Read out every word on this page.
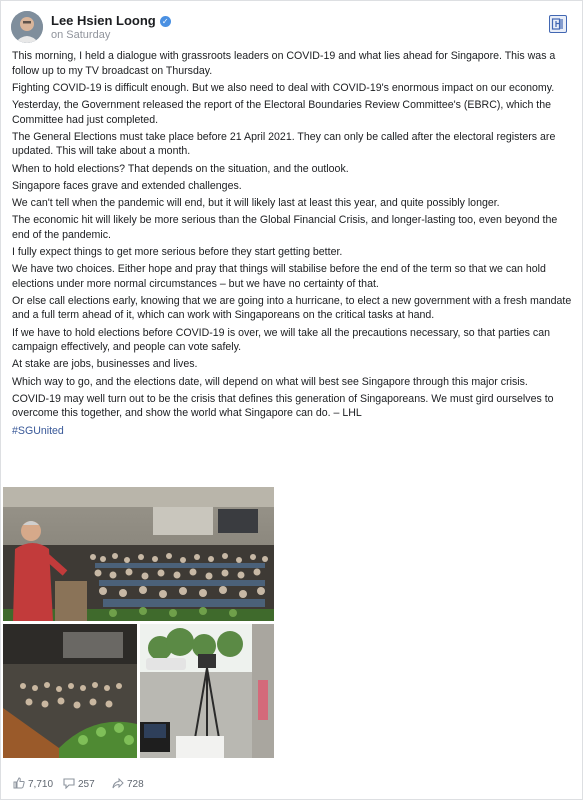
Lee Hsien Loong ✓
on Saturday

This morning, I held a dialogue with grassroots leaders on COVID-19 and what lies ahead for Singapore. This was a follow up to my TV broadcast on Thursday.

Fighting COVID-19 is difficult enough. But we also need to deal with COVID-19's enormous impact on our economy.

Yesterday, the Government released the report of the Electoral Boundaries Review Committee's (EBRC), which the Committee had just completed.

The General Elections must take place before 21 April 2021. They can only be called after the electoral registers are updated. This will take about a month.

When to hold elections? That depends on the situation, and the outlook.

Singapore faces grave and extended challenges.

We can't tell when the pandemic will end, but it will likely last at least this year, and quite possibly longer.

The economic hit will likely be more serious than the Global Financial Crisis, and longer-lasting too, even beyond the end of the pandemic.

I fully expect things to get more serious before they start getting better.

We have two choices. Either hope and pray that things will stabilise before the end of the term so that we can hold elections under more normal circumstances – but we have no certainty of that.

Or else call elections early, knowing that we are going into a hurricane, to elect a new government with a fresh mandate and a full term ahead of it, which can work with Singaporeans on the critical tasks at hand.

If we have to hold elections before COVID-19 is over, we will take all the precautions necessary, so that parties can campaign effectively, and people can vote safely.

At stake are jobs, businesses and lives.

Which way to go, and the elections date, will depend on what will best see Singapore through this major crisis.

COVID-19 may well turn out to be the crisis that defines this generation of Singaporeans. We must gird ourselves to overcome this together, and show the world what Singapore can do. – LHL

#SGUnited

7,710	257	728
